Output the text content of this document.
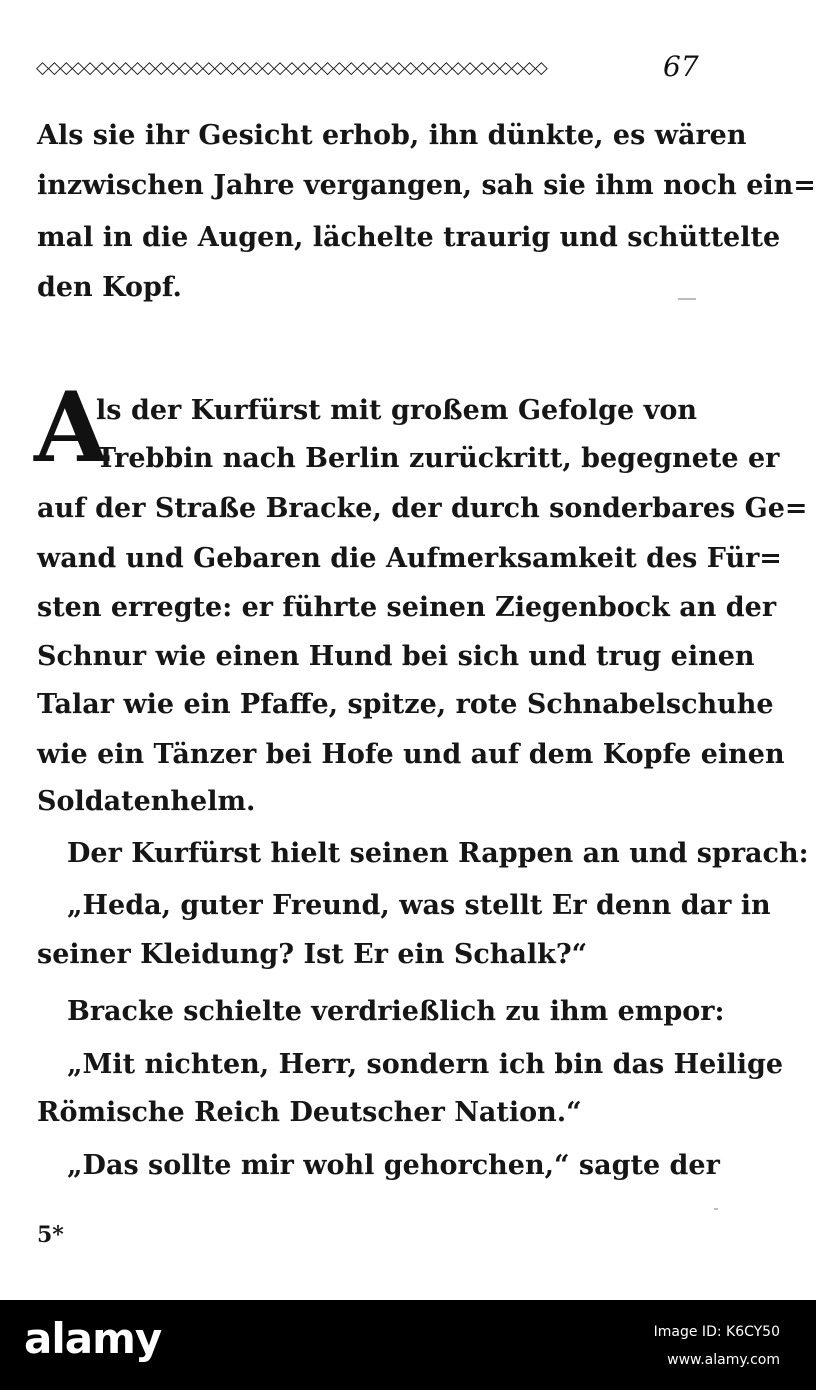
◇◇◇◇◇◇◇◇◇◇◇◇◇◇◇◇◇◇◇◇◇◇◇◇◇◇◇◇◇◇◇◇◇◇◇◇◇◇◇◇◇◇◇	67
Als sie ihr Gesicht erhob, ihn dünkte, es wären
inzwischen Jahre vergangen, sah sie ihm noch ein=
mal in die Augen, lächelte traurig und schüttelte
den Kopf.
A
ls der Kurfürst mit großem Gefolge von
Trebbin nach Berlin zurückritt, begegnete er
auf der Straße Bracke, der durch sonderbares Ge=
wand und Gebaren die Aufmerksamkeit des Für=
sten erregte: er führte seinen Ziegenbock an der
Schnur wie einen Hund bei sich und trug einen
Talar wie ein Pfaffe, spitze, rote Schnabelschuhe
wie ein Tänzer bei Hofe und auf dem Kopfe einen
Soldatenhelm.
Der Kurfürst hielt seinen Rappen an und sprach:
„Heda, guter Freund, was stellt Er denn dar in
seiner Kleidung? Ist Er ein Schalk?“
Bracke schielte verdrießlich zu ihm empor:
„Mit nichten, Herr, sondern ich bin das Heilige
Römische Reich Deutscher Nation.“
„Das sollte mir wohl gehorchen,“ sagte der
5*
alamy	Image ID: K6CY50
www.alamy.com
